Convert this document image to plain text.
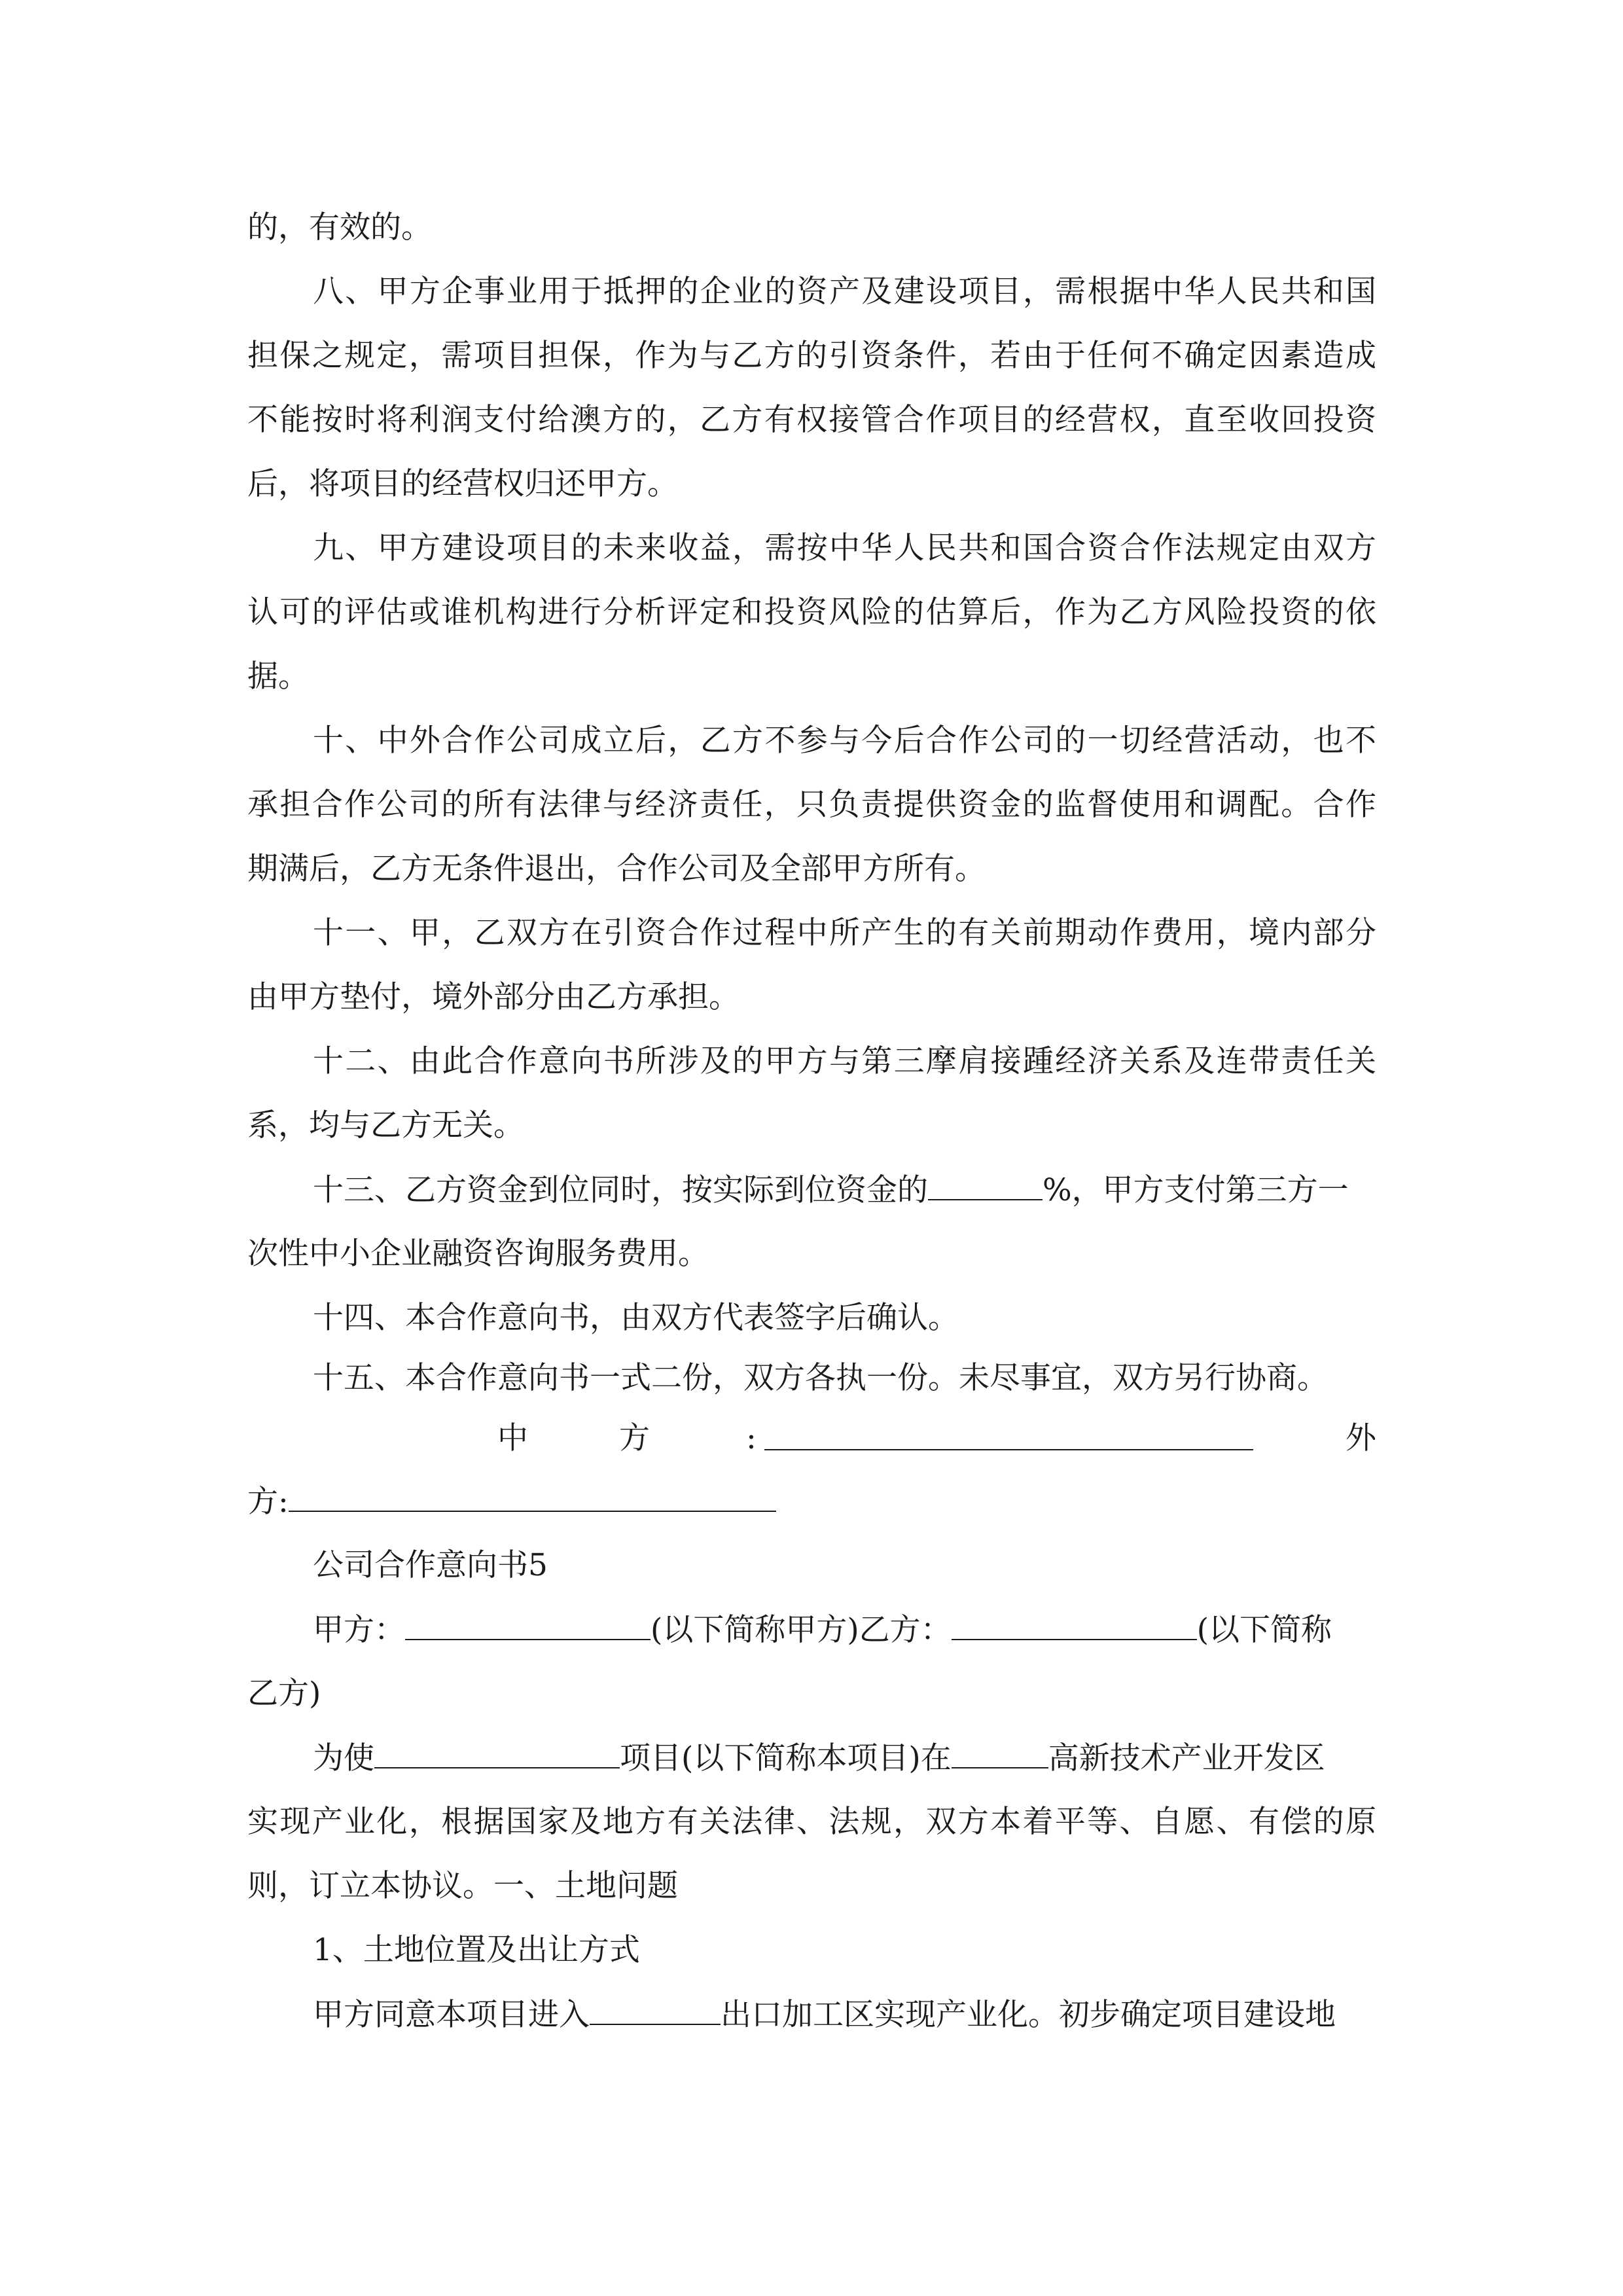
的，有效的。
八、甲方企事业用于抵押的企业的资产及建设项目，需根据中华人民共和国
担保之规定，需项目担保，作为与乙方的引资条件，若由于任何不确定因素造成
不能按时将利润支付给澳方的，乙方有权接管合作项目的经营权，直至收回投资
后，将项目的经营权归还甲方。
九、甲方建设项目的未来收益，需按中华人民共和国合资合作法规定由双方
认可的评估或谁机构进行分析评定和投资风险的估算后，作为乙方风险投资的依
据。
十、中外合作公司成立后，乙方不参与今后合作公司的一切经营活动，也不
承担合作公司的所有法律与经济责任，只负责提供资金的监督使用和调配。合作
期满后，乙方无条件退出，合作公司及全部甲方所有。
十一、甲，乙双方在引资合作过程中所产生的有关前期动作费用，境内部分
由甲方垫付，境外部分由乙方承担。
十二、由此合作意向书所涉及的甲方与第三摩肩接踵经济关系及连带责任关
系，均与乙方无关。
十三、乙方资金到位同时，按实际到位资金的	%，甲方支付第三方一
次性中小企业融资咨询服务费用。
十四、本合作意向书，由双方代表签字后确认。
十五、本合作意向书一式二份，双方各执一份。未尽事宜，双方另行协商。
中	方	:	外
方:
公司合作意向书5
甲方：	(以下简称甲方)乙方：	(以下简称
乙方)
为使	项目(以下简称本项目)在	高新技术产业开发区
实现产业化，根据国家及地方有关法律、法规，双方本着平等、自愿、有偿的原
则，订立本协议。一、土地问题
1、土地位置及出让方式
甲方同意本项目进入	出口加工区实现产业化。初步确定项目建设地
